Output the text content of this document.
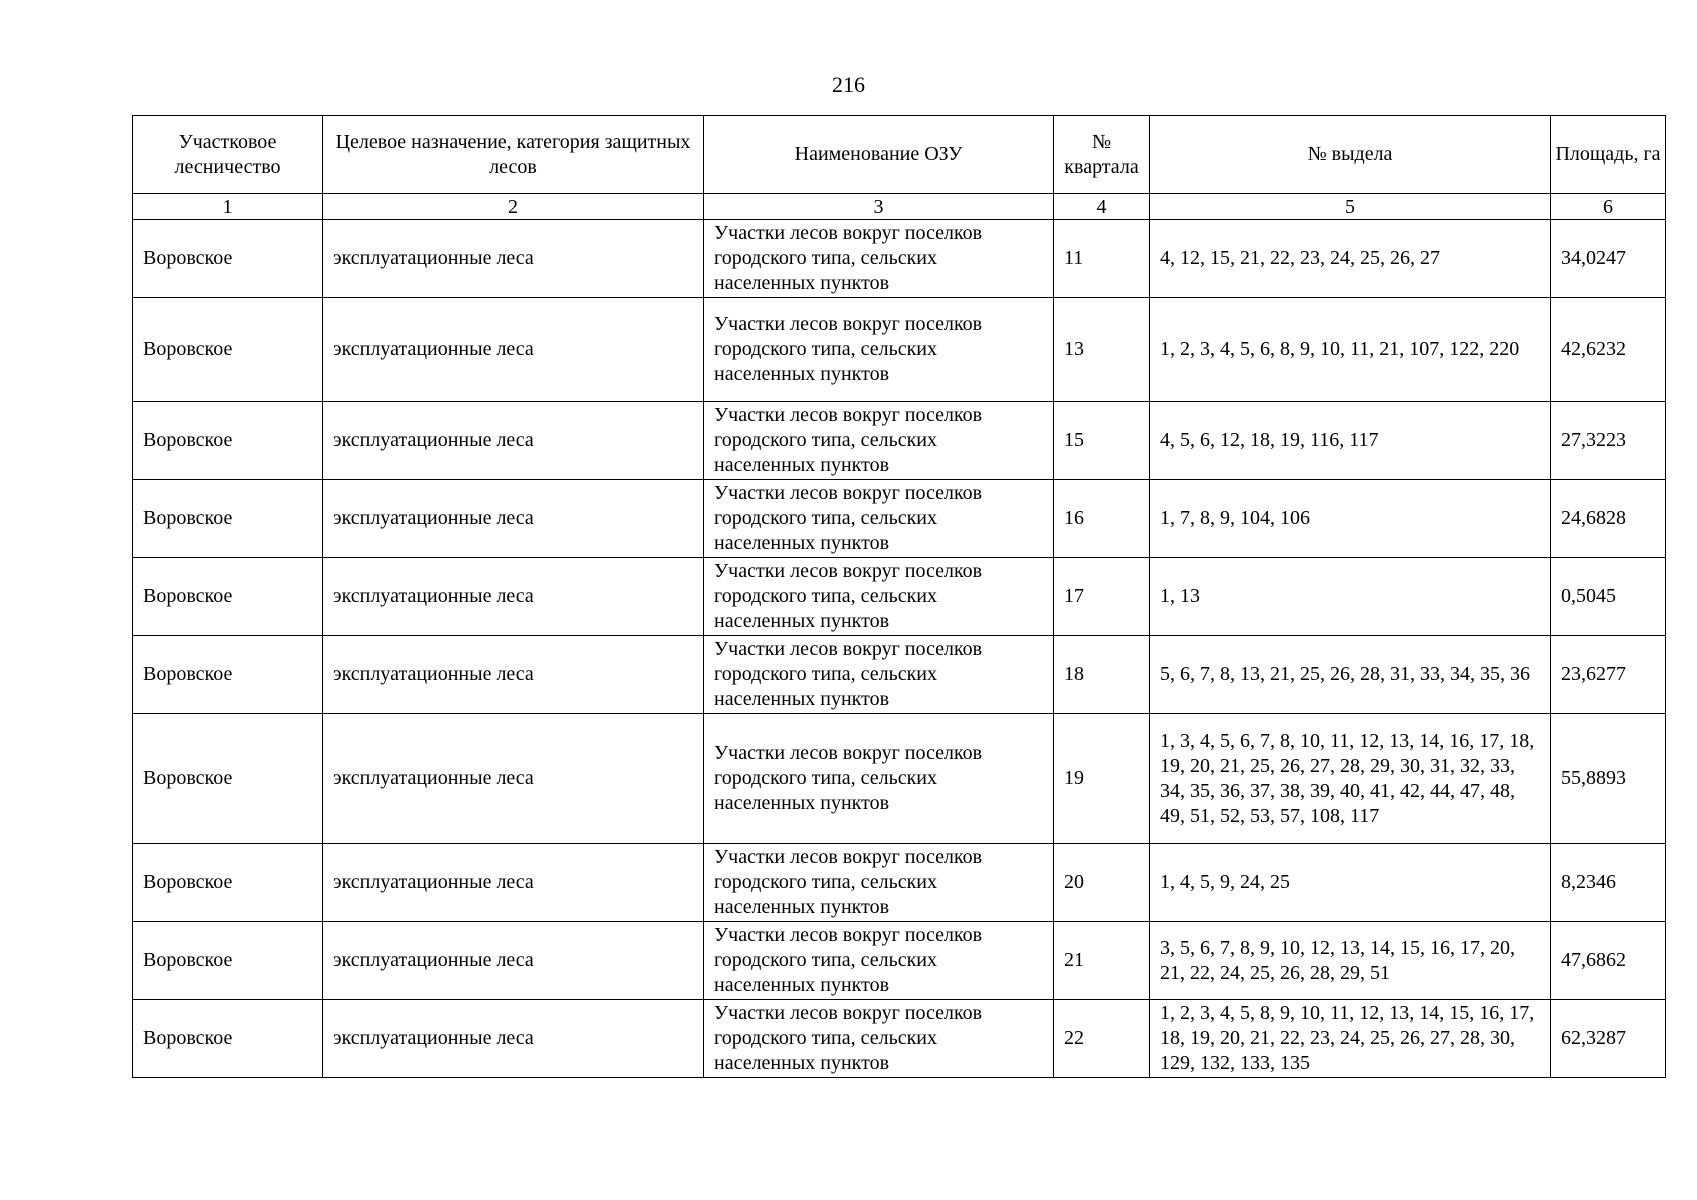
216
Участковое лесничество	Целевое назначение, категория защитных лесов	Наименование ОЗУ	№ квартала	№ выдела	Площадь, га
1	2	3	4	5	6
Воровское	эксплуатационные леса	Участки лесов вокруг поселков городского типа, сельских населенных пунктов	11	4, 12, 15, 21, 22, 23, 24, 25, 26, 27	34,0247
Воровское	эксплуатационные леса	Участки лесов вокруг поселков городского типа, сельских населенных пунктов	13	1, 2, 3, 4, 5, 6, 8, 9, 10, 11, 21, 107, 122, 220	42,6232
Воровское	эксплуатационные леса	Участки лесов вокруг поселков городского типа, сельских населенных пунктов	15	4, 5, 6, 12, 18, 19, 116, 117	27,3223
Воровское	эксплуатационные леса	Участки лесов вокруг поселков городского типа, сельских населенных пунктов	16	1, 7, 8, 9, 104, 106	24,6828
Воровское	эксплуатационные леса	Участки лесов вокруг поселков городского типа, сельских населенных пунктов	17	1, 13	0,5045
Воровское	эксплуатационные леса	Участки лесов вокруг поселков городского типа, сельских населенных пунктов	18	5, 6, 7, 8, 13, 21, 25, 26, 28, 31, 33, 34, 35, 36	23,6277
Воровское	эксплуатационные леса	Участки лесов вокруг поселков городского типа, сельских населенных пунктов	19	1, 3, 4, 5, 6, 7, 8, 10, 11, 12, 13, 14, 16, 17, 18, 19, 20, 21, 25, 26, 27, 28, 29, 30, 31, 32, 33, 34, 35, 36, 37, 38, 39, 40, 41, 42, 44, 47, 48, 49, 51, 52, 53, 57, 108, 117	55,8893
Воровское	эксплуатационные леса	Участки лесов вокруг поселков городского типа, сельских населенных пунктов	20	1, 4, 5, 9, 24, 25	8,2346
Воровское	эксплуатационные леса	Участки лесов вокруг поселков городского типа, сельских населенных пунктов	21	3, 5, 6, 7, 8, 9, 10, 12, 13, 14, 15, 16, 17, 20, 21, 22, 24, 25, 26, 28, 29, 51	47,6862
Воровское	эксплуатационные леса	Участки лесов вокруг поселков городского типа, сельских населенных пунктов	22	1, 2, 3, 4, 5, 8, 9, 10, 11, 12, 13, 14, 15, 16, 17, 18, 19, 20, 21, 22, 23, 24, 25, 26, 27, 28, 30, 129, 132, 133, 135	62,3287
